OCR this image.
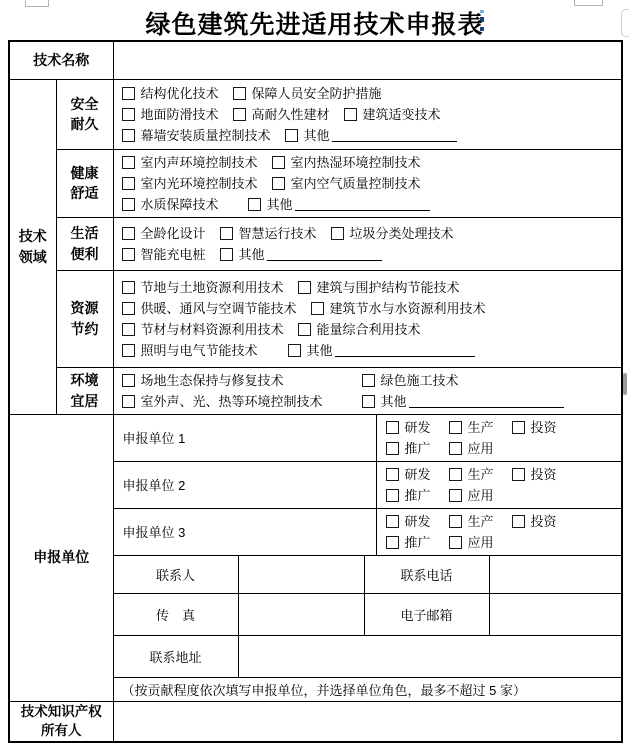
绿色建筑先进适用技术申报表
技术名称						

技术
领域

安全
耐久

结构优化技术	保障人员安全防护措施
地面防滑技术	高耐久性建材	建筑适变技术
幕墙安装质量控制技术	其他

健康
舒适

室内声环境控制技术	室内热湿环境控制技术
室内光环境控制技术	室内空气质量控制技术
水质保障技术	其他

生活
便利

全龄化设计	智慧运行技术	垃圾分类处理技术
智能充电桩	其他

资源
节约

节地与土地资源利用技术	建筑与围护结构节能技术
供暖、通风与空调节能技术	建筑节水与水资源利用技术
节材与材料资源利用技术	能量综合利用技术
照明与电气节能技术	其他

环境
宜居

场地生态保持与修复技术	绿色施工技术
室外声、光、热等环境控制技术	其他

申报单位		申报单位 1			研发 生产 投资
推广 应用	

		申报单位 2			研发 生产 投资
推广 应用	

		申报单位 3			研发 生产 投资
推广 应用	

		联系人		联系电话		
		传　真		电子邮箱		
		联系地址				
		（按贡献程度依次填写申报单位，并选择单位角色，最多不超过 5 家）				

技术知识产权
所有人						
